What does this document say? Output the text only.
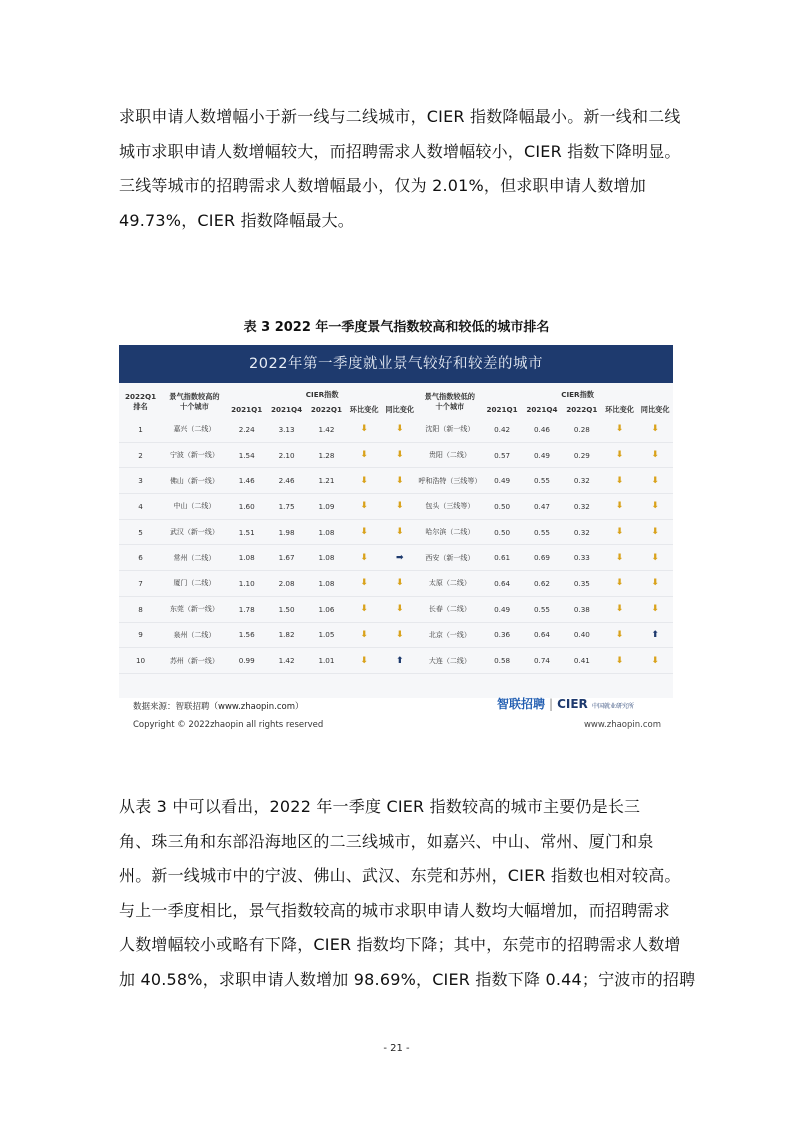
求职申请人数增幅小于新一线与二线城市，CIER 指数降幅最小。新一线和二线
城市求职申请人数增幅较大，而招聘需求人数增幅较小，CIER 指数下降明显。
三线等城市的招聘需求人数增幅最小，仅为 2.01%，但求职申请人数增加
49.73%，CIER 指数降幅最大。
表 3 2022 年一季度景气指数较高和较低的城市排名
2022年第一季度就业景气较好和较差的城市
2022Q1
排名	景气指数较高的
十个城市	CIER指数					景气指数较低的
十个城市	CIER指数				
		2021Q1	2021Q4	2022Q1	环比变化	同比变化		2021Q1	2021Q4	2022Q1	环比变化	同比变化
1	嘉兴（二线）	2.24	3.13	1.42	⬇	⬇	沈阳（新一线）	0.42	0.46	0.28	⬇	⬇
2	宁波（新一线）	1.54	2.10	1.28	⬇	⬇	贵阳（二线）	0.57	0.49	0.29	⬇	⬇
3	佛山（新一线）	1.46	2.46	1.21	⬇	⬇	呼和浩特（三线等）	0.49	0.55	0.32	⬇	⬇
4	中山（二线）	1.60	1.75	1.09	⬇	⬇	包头（三线等）	0.50	0.47	0.32	⬇	⬇
5	武汉（新一线）	1.51	1.98	1.08	⬇	⬇	哈尔滨（二线）	0.50	0.55	0.32	⬇	⬇
6	常州（二线）	1.08	1.67	1.08	⬇	➡	西安（新一线）	0.61	0.69	0.33	⬇	⬇
7	厦门（二线）	1.10	2.08	1.08	⬇	⬇	太原（二线）	0.64	0.62	0.35	⬇	⬇
8	东莞（新一线）	1.78	1.50	1.06	⬇	⬇	长春（二线）	0.49	0.55	0.38	⬇	⬇
9	泉州（二线）	1.56	1.82	1.05	⬇	⬇	北京（一线）	0.36	0.64	0.40	⬇	⬆
10	苏州（新一线）	0.99	1.42	1.01	⬇	⬆	大连（二线）	0.58	0.74	0.41	⬇	⬇
数据来源：智联招聘（www.zhaopin.com）
Copyright © 2022zhaopin all rights reserved
智联招聘 | CIER 中国就业研究所
www.zhaopin.com
从表 3 中可以看出，2022 年一季度 CIER 指数较高的城市主要仍是长三
角、珠三角和东部沿海地区的二三线城市，如嘉兴、中山、常州、厦门和泉
州。新一线城市中的宁波、佛山、武汉、东莞和苏州，CIER 指数也相对较高。
与上一季度相比，景气指数较高的城市求职申请人数均大幅增加，而招聘需求
人数增幅较小或略有下降，CIER 指数均下降；其中，东莞市的招聘需求人数增
加 40.58%，求职申请人数增加 98.69%，CIER 指数下降 0.44；宁波市的招聘
- 21 -
